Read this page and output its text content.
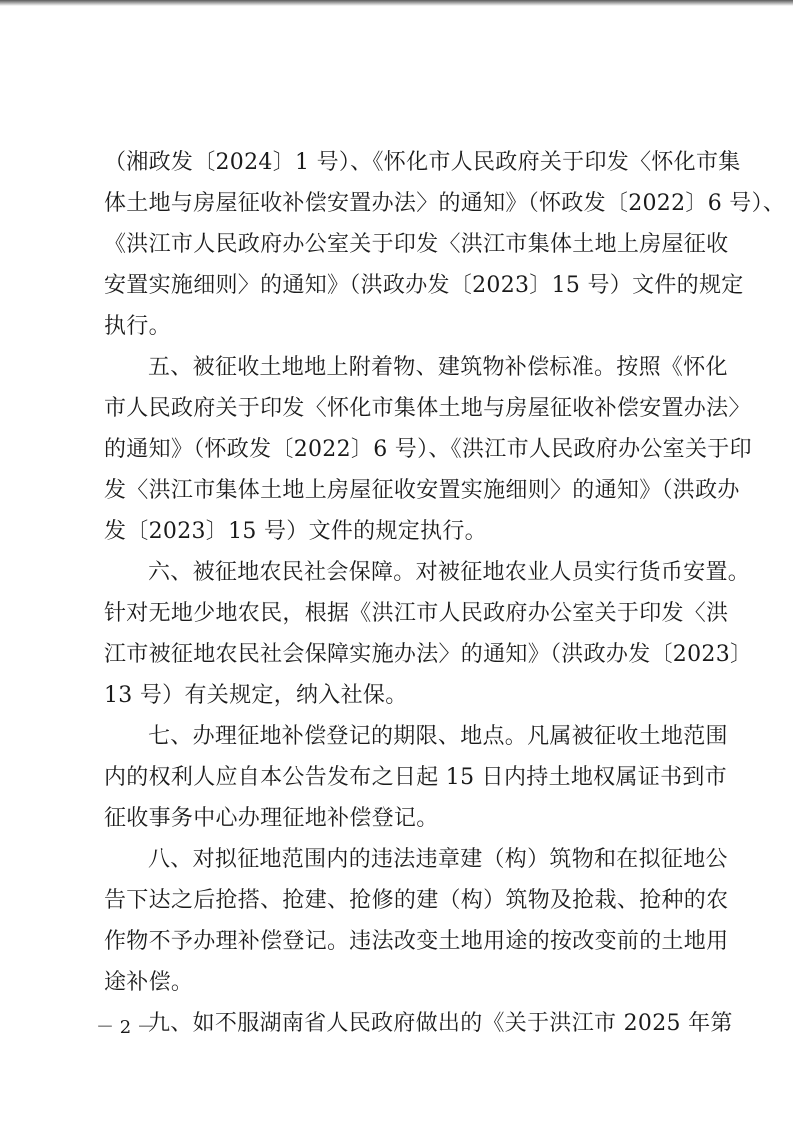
（湘政发〔2024〕1 号）、《怀化市人民政府关于印发〈怀化市集
体土地与房屋征收补偿安置办法〉的通知》（怀政发〔2022〕6 号）、
《洪江市人民政府办公室关于印发〈洪江市集体土地上房屋征收
安置实施细则〉的通知》（洪政办发〔2023〕15 号）文件的规定
执行。
五、被征收土地地上附着物、建筑物补偿标准。按照《怀化
市人民政府关于印发〈怀化市集体土地与房屋征收补偿安置办法〉
的通知》（怀政发〔2022〕6 号）、《洪江市人民政府办公室关于印
发〈洪江市集体土地上房屋征收安置实施细则〉的通知》（洪政办
发〔2023〕15 号）文件的规定执行。
六、被征地农民社会保障。对被征地农业人员实行货币安置。
针对无地少地农民，根据《洪江市人民政府办公室关于印发〈洪
江市被征地农民社会保障实施办法〉的通知》（洪政办发〔2023〕
13 号）有关规定，纳入社保。
七、办理征地补偿登记的期限、地点。凡属被征收土地范围
内的权利人应自本公告发布之日起 15 日内持土地权属证书到市
征收事务中心办理征地补偿登记。
八、对拟征地范围内的违法违章建（构）筑物和在拟征地公
告下达之后抢搭、抢建、抢修的建（构）筑物及抢栽、抢种的农
作物不予办理补偿登记。违法改变土地用途的按改变前的土地用
途补偿。
九、如不服湖南省人民政府做出的《关于洪江市 2025 年第
－ 2 －
